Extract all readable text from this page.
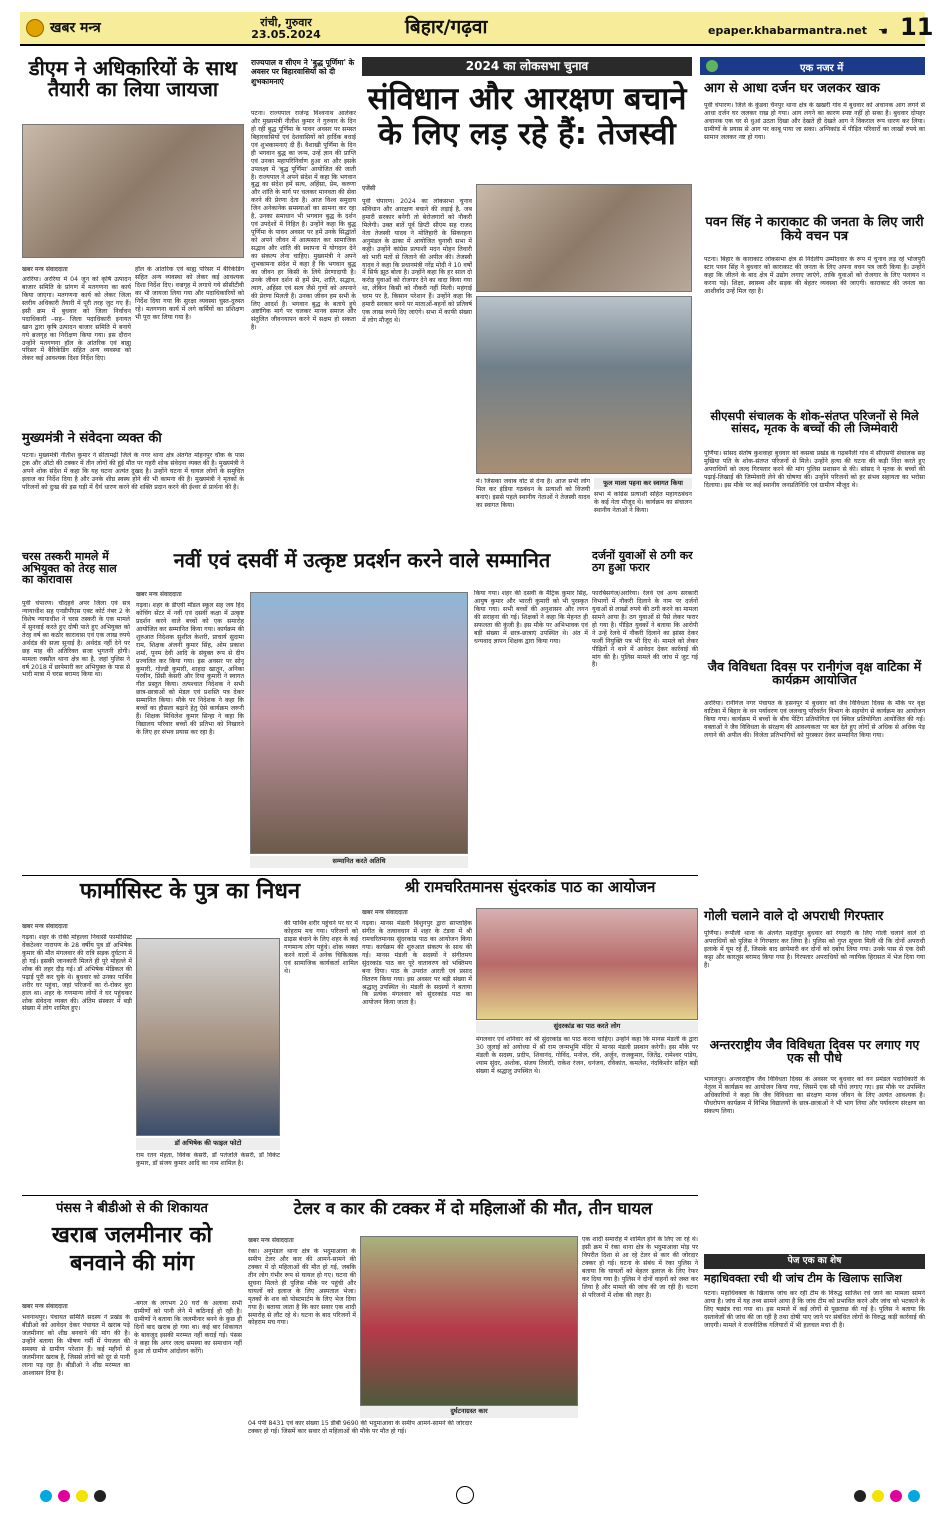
खबर मन्त्र	रांची, गुरुवार
23.05.2024	बिहार/गढ़वा	epaper.khabarmantra.net ☚ 11
डीएम ने अधिकारियों के साथ तैयारी का लिया जायजा
खबर मन्त्र संवाददाता
अररिया। अररिया में 04 जून को कृषि उत्पादन बाजार समिति के प्रांगण में मतगणना का कार्य किया जाएगा। मतगणना कार्य को लेकर जिला स्तरीय अधिकारी तैयारी में पूरी तरह जुट गए हैं। इसी क्रम में बुधवार को जिला निर्वाचन पदाधिकारी –सह– जिला पदाधिकारी इनायत खान द्वारा कृषि उत्पादन बाजार समिति में बनाये गये ब्रजगृह का निरीक्षण किया गया। इस दौरान उन्होंने मतगणना हॉल के आंतरिक एवं बाह्य परिसर में बैरिकेडिंग सहित अन्य व्यवस्था को लेकर कई आवश्यक दिशा निर्देश दिए।
हॉल के आंतरिक एवं बाह्य परिसर में बैरिकेडिंग सहित अन्य व्यवस्था को लेकर कई आवश्यक दिशा निर्देश दिए। वज्रगृह में लगाये गये सीसीटीवी का भी जायजा लिया गया और पदाधिकारियों को निर्देश दिया गया कि सुरक्षा व्यवस्था चुस्त-दुरुस्त रहे। मतगणना कार्य में लगे कर्मियों का प्रशिक्षण भी पूरा कर लिया गया है।
मुख्यमंत्री ने संवेदना व्यक्त की
पटना। मुख्यमंत्री नीतीश कुमार ने सीतामढ़ी जिले के नगर थाना क्षेत्र अंतर्गत मोहनपुर चौक के पास ट्रक और ऑटो की टक्कर में तीन लोगों की हुई मौत पर गहरी शोक संवेदना व्यक्त की है। मुख्यमंत्री ने अपने शोक संदेश में कहा कि यह घटना अत्यंत दुखद है। उन्होंने घटना में घायल लोगों के समुचित इलाज का निर्देश दिया है और उनके शीघ्र स्वस्थ होने की भी कामना की है। मुख्यमंत्री ने मृतकों के परिजनों को दुःख की इस घड़ी में धैर्य धारण करने की शक्ति प्रदान करने की ईश्वर से प्रार्थना की है।
राज्यपाल व सीएम ने 'बुद्ध पूर्णिमा' के अवसर पर बिहारवासियों को दी शुभकामनाएं
पटना। राज्यपाल राजेन्द्र विश्वनाथ आर्लेकर और मुख्यमंत्री नीतीश कुमार ने गुरुवार के दिन हो रही बुद्ध पूर्णिमा के पावन अवसर पर समस्त बिहारवासियों एवं देशवासियों को हार्दिक बधाई एवं शुभकामनाएं दी हैं। वैशाखी पूर्णिमा के दिन ही भगवान बुद्ध का जन्म, उन्हें ज्ञान की प्राप्ति एवं उनका महापरिनिर्वाण हुआ था और इसके उपलक्ष्य में 'बुद्ध पूर्णिमा' आयोजित की जाती है। राज्यपाल ने अपने संदेश में कहा कि भगवान बुद्ध का संदेश हमें सत्य, अहिंसा, प्रेम, करुणा और शांति के मार्ग पर चलकर मानवता की सेवा करने की प्रेरणा देता है। आज विश्व समुदाय जिन अनेकानेक समस्याओं का सामना कर रहा है, उनका समाधान भी भगवान बुद्ध के दर्शन एवं उपदेशों में निहित है। उन्होंने कहा कि बुद्ध पूर्णिमा के पावन अवसर पर हमें उनके सिद्धांतों को अपने जीवन में आत्मसात कर सामाजिक सद्भाव और शांति की स्थापना में योगदान देने का संकल्प लेना चाहिए। मुख्यमंत्री ने अपने शुभकामना संदेश में कहा है कि भगवान बुद्ध का जीवन हर किसी के लिये प्रेरणादायी है। उनके जीवन दर्शन से हमें प्रेम, शांति, सद्भाव, त्याग, अहिंसा एवं सत्य जैसे गुणों को अपनाने की प्रेरणा मिलती है। उनका जीवन हम सभी के लिए आदर्श है। भगवान बुद्ध के बताये हुये अष्टांगिक मार्ग पर चलकर मानव समाज और संतुलित जीवनयापन करने में सक्षम हो सकता है।
2024 का लोकसभा चुनाव
संविधान और आरक्षण बचाने के लिए लड़ रहे हैं: तेजस्वी
एजेंसी
पूर्वी चंपारण। 2024 का लोकसभा चुनाव संविधान और आरक्षण बचाने की लड़ाई है, जब हमारी सरकार बनेगी तो बेरोजगारों को नौकरी मिलेगी। उक्त बातें पूर्व डिप्टी सीएम सह राजद नेता तेजस्वी यादव ने मोतिहारी के सिकरहना अनुमंडल के ढाका में आयोजित चुनावी सभा में कही। उन्होंने कांग्रेस प्रत्याशी मदन मोहन तिवारी को भारी मतों से जिताने की अपील की। तेजस्वी यादव ने कहा कि प्रधानमंत्री नरेंद्र मोदी ने 10 वर्षों में सिर्फ झूठ बोला है। उन्होंने कहा कि हर साल दो करोड़ युवाओं को रोजगार देने का वादा किया गया था, लेकिन किसी को नौकरी नहीं मिली। महंगाई चरम पर है, किसान परेशान हैं। उन्होंने कहा कि हमारी सरकार बनने पर माताओं-बहनों को प्रतिवर्ष एक लाख रुपये दिए जाएंगे। सभा में काफी संख्या में लोग मौजूद थे।
में। जिसका जवाब वोट से देना है। आज सभी लोग मिल कर इंडिया गठबंधन के प्रत्याशी को विजयी बनाएं। इससे पहले स्थानीय नेताओं ने तेजस्वी यादव का स्वागत किया।
फूल माला पहना कर स्वागत किया
सभा में कांग्रेस प्रत्याशी सहित महागठबंधन के कई नेता मौजूद थे। कार्यक्रम का संचालन स्थानीय नेताओं ने किया।
एक नजर में
आग से आधा दर्जन घर जलकर खाक
पूर्वी चंपारण। जिले के कुंडवा चैनपुर थाना क्षेत्र के खखरी गांव में बुधवार को अचानक आग लगने से आधा दर्जन घर जलकर राख हो गया। आग लगने का कारण स्पष्ट नहीं हो सका है। बुधवार दोपहर अचानक एक घर से धुआं उठता दिखा और देखते ही देखते आग ने विकराल रूप धारण कर लिया। ग्रामीणों के प्रयास से आग पर काबू पाया जा सका। अग्निकांड में पीड़ित परिवारों का लाखों रुपये का सामान जलकर नष्ट हो गया।
पवन सिंह ने काराकाट की जनता के लिए जारी किये वचन पत्र
पटना। बिहार के काराकाट लोकसभा क्षेत्र से निर्दलीय उम्मीदवार के रूप में चुनाव लड़ रहे भोजपुरी स्टार पवन सिंह ने बुधवार को काराकाट की जनता के लिए अपना वचन पत्र जारी किया है। उन्होंने कहा कि जीतने के बाद क्षेत्र में उद्योग लगाए जाएंगे, ताकि युवाओं को रोजगार के लिए पलायन न करना पड़े। शिक्षा, स्वास्थ्य और सड़क की बेहतर व्यवस्था की जाएगी। काराकाट की जनता का आशीर्वाद उन्हें मिल रहा है।
सीएसपी संचालक के शोक-संतप्त परिजनों से मिले सांसद, मृतक के बच्चों की ली जिम्मेवारी
पूर्णिया। सांसद संतोष कुशवाहा बुधवार को कसबा प्रखंड के गढ़बनैली गांव में सीएसपी संचालक सह मुखिया पति के शोक-संतप्त परिजनों से मिले। उन्होंने हत्या की घटना की कड़ी निंदा करते हुए अपराधियों को जल्द गिरफ्तार करने की मांग पुलिस प्रशासन से की। सांसद ने मृतक के बच्चों की पढ़ाई-लिखाई की जिम्मेवारी लेने की घोषणा की। उन्होंने परिजनों को हर संभव सहायता का भरोसा दिलाया। इस मौके पर कई स्थानीय जनप्रतिनिधि एवं ग्रामीण मौजूद थे।
जैव विविधता दिवस पर रानीगंज वृक्ष वाटिका में कार्यक्रम आयोजित
अररिया। रानीगंज नगर पंचायत के हसनपुर में बुधवार को जैव विविधता दिवस के मौके पर वृक्ष वाटिका में बिहार के वन पर्यावरण एवं जलवायु परिवर्तन विभाग के सहयोग से कार्यक्रम का आयोजन किया गया। कार्यक्रम में बच्चों के बीच पेंटिंग प्रतियोगिता एवं क्विज प्रतियोगिता आयोजित की गई। वक्ताओं ने जैव विविधता के संरक्षण की आवश्यकता पर बल देते हुए लोगों से अधिक से अधिक पेड़ लगाने की अपील की। विजेता प्रतिभागियों को पुरस्कार देकर सम्मानित किया गया।
गोली चलाने वाले दो अपराधी गिरफ्तार
पूर्णिया। रूपौली थाना के अंतर्गत महदीपुर बुधवार को रंगदारी के लिए गोली चलाने वाले दो अपराधियों को पुलिस ने गिरफ्तार कर लिया है। पुलिस को गुप्त सूचना मिली थी कि दोनों अपराधी इलाके में घूम रहे हैं, जिसके बाद छापेमारी कर दोनों को दबोच लिया गया। उनके पास से एक देसी कट्टा और कारतूस बरामद किया गया है। गिरफ्तार अपराधियों को न्यायिक हिरासत में भेज दिया गया है।
अन्तरराष्ट्रीय जैव विविधता दिवस पर लगाए गए एक सौ पौधे
भागलपुर। अन्तरराष्ट्रीय जैव विविधता दिवस के अवसर पर बुधवार को वन प्रमंडल पदाधिकारी के नेतृत्व में कार्यक्रम का आयोजन किया गया, जिसमें एक सौ पौधे लगाए गए। इस मौके पर उपस्थित अधिकारियों ने कहा कि जैव विविधता का संरक्षण मानव जीवन के लिए अत्यंत आवश्यक है। पौधरोपण कार्यक्रम में विभिन्न विद्यालयों के छात्र-छात्राओं ने भी भाग लिया और पर्यावरण संरक्षण का संकल्प लिया।
पेज एक का शेष
महाधिवक्ता रची थी जांच टीम के खिलाफ साजिश
पटना। महाधिवक्ता के खिलाफ जांच कर रही टीम के विरुद्ध साजिश रचे जाने का मामला सामने आया है। जांच में यह तथ्य सामने आया है कि जांच टीम को प्रभावित करने और जांच को भटकाने के लिए षड्यंत्र रचा गया था। इस मामले में कई लोगों से पूछताछ की गई है। पुलिस ने बताया कि दस्तावेजों की जांच की जा रही है तथा दोषी पाए जाने पर संबंधित लोगों के विरुद्ध कड़ी कार्रवाई की जाएगी। मामले ने राजनीतिक गलियारों में भी हलचल मचा दी है।
चरस तस्करी मामले में अभियुक्त को तेरह साल का कारावास
पूर्वी चंपारण। चौदहवें अपर जिला एवं सत्र न्यायाधीश सह एनडीपीएस एक्ट कोर्ट नंबर 2 के विशेष न्यायाधीश ने चरस तस्करी के एक मामले में सुनवाई करते हुए दोषी पाते हुए अभियुक्त को तेरह वर्ष का कठोर कारावास एवं एक लाख रुपये अर्थदंड की सजा सुनाई है। अर्थदंड नहीं देने पर छह माह की अतिरिक्त सजा भुगतनी होगी। मामला रक्सौल थाना क्षेत्र का है, जहां पुलिस ने वर्ष 2018 में छापेमारी कर अभियुक्त के पास से भारी मात्रा में चरस बरामद किया था।
नवीं एवं दसवीं में उत्कृष्ट प्रदर्शन करने वाले सम्मानित
खबर मन्त्र संवाददाता
गढ़वा। शहर के डीएवी मॉडल स्कूल सह जय हिंद कोचिंग सेंटर में नवीं एवं दसवीं कक्षा में उत्कृष्ट प्रदर्शन करने वाले बच्चों को एक समारोह आयोजित कर सम्मानित किया गया। कार्यक्रम की शुरुआत निदेशक सुशील केशरी, प्राचार्य सुदामा राम, शिक्षक अंजनी कुमार सिंह, ओम प्रकाश शर्मा, पूनम देवी आदि के संयुक्त रूप से दीप प्रज्वलित कर किया गया। इस अवसर पर सोनू कुमारी, गोल्डी कुमारी, शाहदा खातून, अनिका परवीन, प्रिंसी केसरी और रिया कुमारी ने स्वागत गीत प्रस्तुत किया। तत्पश्चात निदेशक ने सभी छात्र-छात्राओं को मेडल एवं प्रशस्ति पत्र देकर सम्मानित किया। मौके पर निदेशक ने कहा कि बच्चों का हौसला बढ़ाने हेतु ऐसे कार्यक्रम जरूरी हैं। शिक्षक मिथिलेश कुमार सिन्हा ने कहा कि विद्यालय परिवार बच्चों की प्रतिभा को निखारने के लिए हर संभव प्रयास कर रहा है।
सम्मानित करते अतिथि
किया गया। शहर की दसवीं के मैट्रिक कुमार सिंह, आयुष कुमार और भारती कुमारी को भी पुरस्कृत किया गया। सभी बच्चों की अनुशासन और लगन की सराहना की गई। शिक्षकों ने कहा कि मेहनत ही सफलता की कुंजी है। इस मौके पर अभिभावक एवं बड़ी संख्या में छात्र-छात्राएं उपस्थित थे। अंत में धन्यवाद ज्ञापन शिक्षक द्वारा किया गया।
दर्जनों युवाओं से ठगी कर ठग हुआ फरार
फारबिसगंज/अररिया। रेलवे एवं अन्य सरकारी विभागों में नौकरी दिलाने के नाम पर दर्जनों युवाओं से लाखों रुपये की ठगी करने का मामला सामने आया है। ठग युवाओं से पैसे लेकर फरार हो गया है। पीड़ित युवकों ने बताया कि आरोपी ने उन्हें रेलवे में नौकरी दिलाने का झांसा देकर फर्जी नियुक्ति पत्र भी दिए थे। मामले को लेकर पीड़ितों ने थाने में आवेदन देकर कार्रवाई की मांग की है। पुलिस मामले की जांच में जुट गई है।
फार्मासिस्ट के पुत्र का निधन
खबर मन्त्र संवाददाता
गढ़वा। शहर के रांकी मोहल्ला निवासी फार्मासिस्ट वेंकटेश्वर नारायण के 28 वर्षीय पुत्र डॉ अभिषेक कुमार की मौत मंगलवार की रात्रि सड़क दुर्घटना में हो गई। इसकी जानकारी मिलते ही पूरे मोहल्ले में शोक की लहर दौड़ गई। डॉ अभिषेक मेडिकल की पढ़ाई पूरी कर चुके थे। बुधवार को उनका पार्थिव शरीर घर पहुंचा, जहां परिजनों का रो-रोकर बुरा हाल था। शहर के गणमान्य लोगों ने घर पहुंचकर शोक संवेदना व्यक्त की। अंतिम संस्कार में बड़ी संख्या में लोग शामिल हुए।
डॉ अभिषेक की फाइल फोटो
की पार्थिव शरीर पहुंचने पर घर में कोहराम मच गया। परिजनों को ढाढ़स बंधाने के लिए शहर के कई गणमान्य लोग पहुंचे। शोक व्यक्त करने वालों में अनेक चिकित्सक एवं सामाजिक कार्यकर्ता शामिल थे।
राम रतन मेहता, विवेक केसरी, डॉ पतंजलि केसरी, डॉ विकेट कुमार, डॉ संजय कुमार आदि का नाम शामिल है।
श्री रामचरितमानस सुंदरकांड पाठ का आयोजन
खबर मन्त्र संवाददाता
गढ़वा। मानस मंडली बिशुनपुर द्वारा साप्ताहिक संगीत के तत्वावधान में शहर के टंडवा में श्री रामचरितमानस सुंदरकांड पाठ का आयोजन किया गया। कार्यक्रम की शुरुआत संकल्प के साथ की गई। मानस मंडली के सदस्यों ने संगीतमय सुंदरकांड पाठ कर पूरे वातावरण को भक्तिमय बना दिया। पाठ के उपरांत आरती एवं प्रसाद वितरण किया गया। इस अवसर पर बड़ी संख्या में श्रद्धालु उपस्थित थे। मंडली के सदस्यों ने बताया कि प्रत्येक मंगलवार को सुंदरकांड पाठ का आयोजन किया जाता है।
सुंदरकांड का पाठ करते लोग
मंगलवार एवं शनिवार को श्री सुंदरकांड का पाठ करना चाहिए। उन्होंने कहा कि मानस मंडली के द्वारा 30 जुलाई को अयोध्या में श्री राम जन्मभूमि मंदिर में मानस मंडली प्रस्थान करेगी। इस मौके पर मंडली के सदस्य, प्रदीप, शिवानंद, गोविंद, मनोज, रवि, अर्जुन, राजकुमार, जितेंद्र, रामेश्वर पांडेय, श्याम सुंदर, अशोक, संजय तिवारी, राकेश रंजन, धनंजय, रविकांत, कमलेश, नंदकिशोर सहित बड़ी संख्या में श्रद्धालु उपस्थित थे।
पंसस ने बीडीओ से की शिकायत
खराब जलमीनार को बनवाने की मांग
खबर मन्त्र संवाददाता
भवनाथपुर। पंचायत समिति सदस्य ने प्रखंड के बीडीओ को आवेदन देकर पंचायत में खराब पड़े जलमीनार को शीघ्र बनवाने की मांग की है। उन्होंने बताया कि भीषण गर्मी में पेयजल की समस्या से ग्रामीण परेशान हैं। कई महीनों से जलमीनार खराब है, जिससे लोगों को दूर से पानी लाना पड़ रहा है। बीडीओ ने शीघ्र मरम्मत का आश्वासन दिया है।
-बगल के लगभग 20 घरों के अलावा सभी ग्रामीणों को पानी लेने में कठिनाई हो रही है। ग्रामीणों ने बताया कि जलमीनार बनने के कुछ ही दिनों बाद खराब हो गया था। कई बार शिकायत के बावजूद इसकी मरम्मत नहीं कराई गई। पंसस ने कहा कि अगर जल्द समस्या का समाधान नहीं हुआ तो ग्रामीण आंदोलन करेंगे।
टेलर व कार की टक्कर में दो महिलाओं की मौत, तीन घायल
खबर मन्त्र संवाददाता
रंका। अनुमंडल थाना क्षेत्र के भदुमाआवा के समीप टेलर और कार की आमने-सामने की टक्कर में दो महिलाओं की मौत हो गई, जबकि तीन लोग गंभीर रूप से घायल हो गए। घटना की सूचना मिलते ही पुलिस मौके पर पहुंची और घायलों को इलाज के लिए अस्पताल भेजा। मृतकों के शव को पोस्टमार्टम के लिए भेज दिया गया है। बताया जाता है कि कार सवार एक शादी समारोह से लौट रहे थे। घटना के बाद परिजनों में कोहराम मच गया।
04 पंपी 8431 एवं कार संख्या 15 डीबी 9690 की भदुमाआवा के समीप आमने-सामने की जोरदार टक्कर हो गई। जिसमें कार सवार दो महिलाओं की मौके पर मौत हो गई।
दुर्घटनाग्रस्त कार
एक शादी समारोह में शामिल होने के लिए जा रहे थे। इसी क्रम में रंका थाना क्षेत्र के भदुमाआवा मोड़ पर विपरीत दिशा से आ रहे टेलर से कार की जोरदार टक्कर हो गई। घटना के संबंध में रंका पुलिस ने बताया कि घायलों को बेहतर इलाज के लिए रेफर कर दिया गया है। पुलिस ने दोनों वाहनों को जब्त कर लिया है और मामले की जांच की जा रही है। घटना से परिजनों में शोक की लहर है।
